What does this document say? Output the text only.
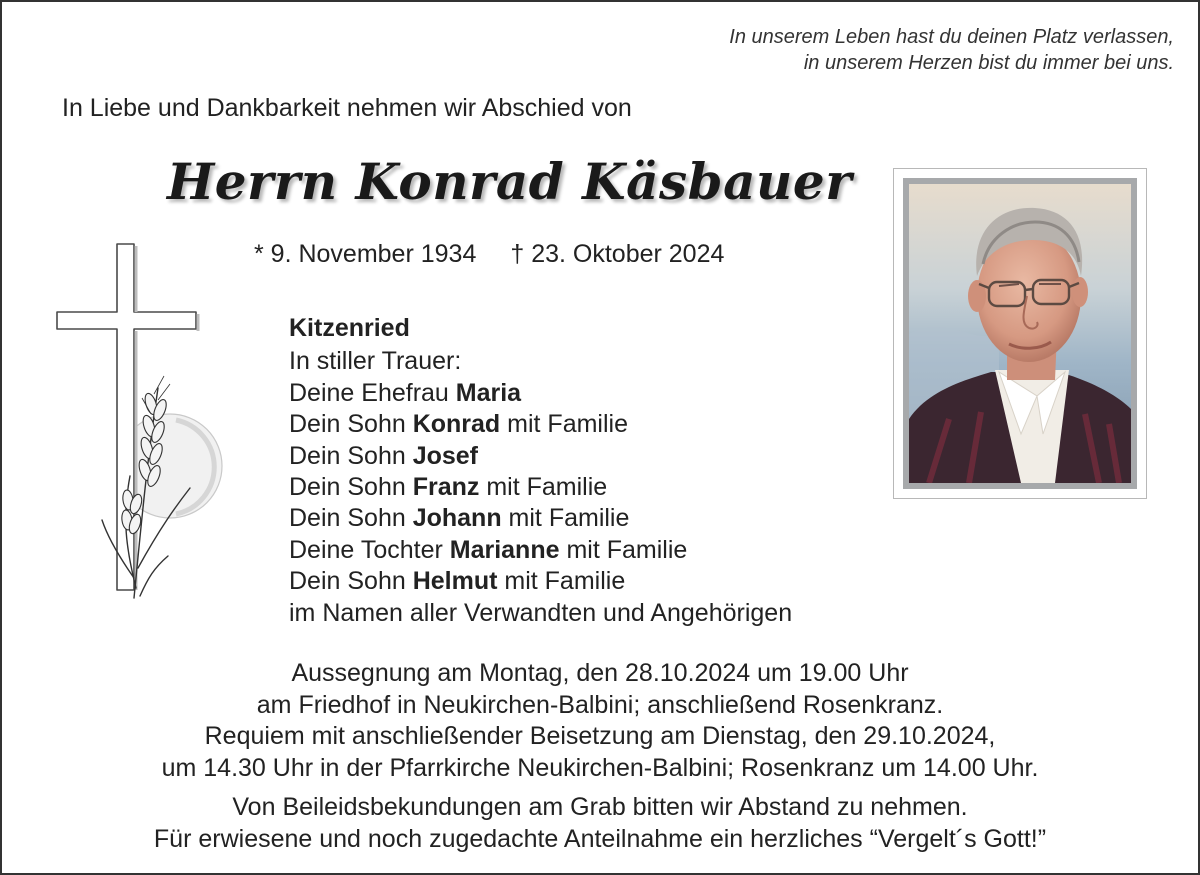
In unserem Leben hast du deinen Platz verlassen,
in unserem Herzen bist du immer bei uns.
In Liebe und Dankbarkeit nehmen wir Abschied von
Herrn Konrad Käsbauer
* 9. November 1934 † 23. Oktober 2024
Kitzenried
In stiller Trauer:
Deine Ehefrau Maria
Dein Sohn Konrad mit Familie
Dein Sohn Josef
Dein Sohn Franz mit Familie
Dein Sohn Johann mit Familie
Deine Tochter Marianne mit Familie
Dein Sohn Helmut mit Familie
im Namen aller Verwandten und Angehörigen
Aussegnung am Montag, den 28.10.2024 um 19.00 Uhr
am Friedhof in Neukirchen-Balbini; anschließend Rosenkranz.
Requiem mit anschließender Beisetzung am Dienstag, den 29.10.2024,
um 14.30 Uhr in der Pfarrkirche Neukirchen-Balbini; Rosenkranz um 14.00 Uhr.
Von Beileidsbekundungen am Grab bitten wir Abstand zu nehmen.
Für erwiesene und noch zugedachte Anteilnahme ein herzliches “Vergelt´s Gott!”
